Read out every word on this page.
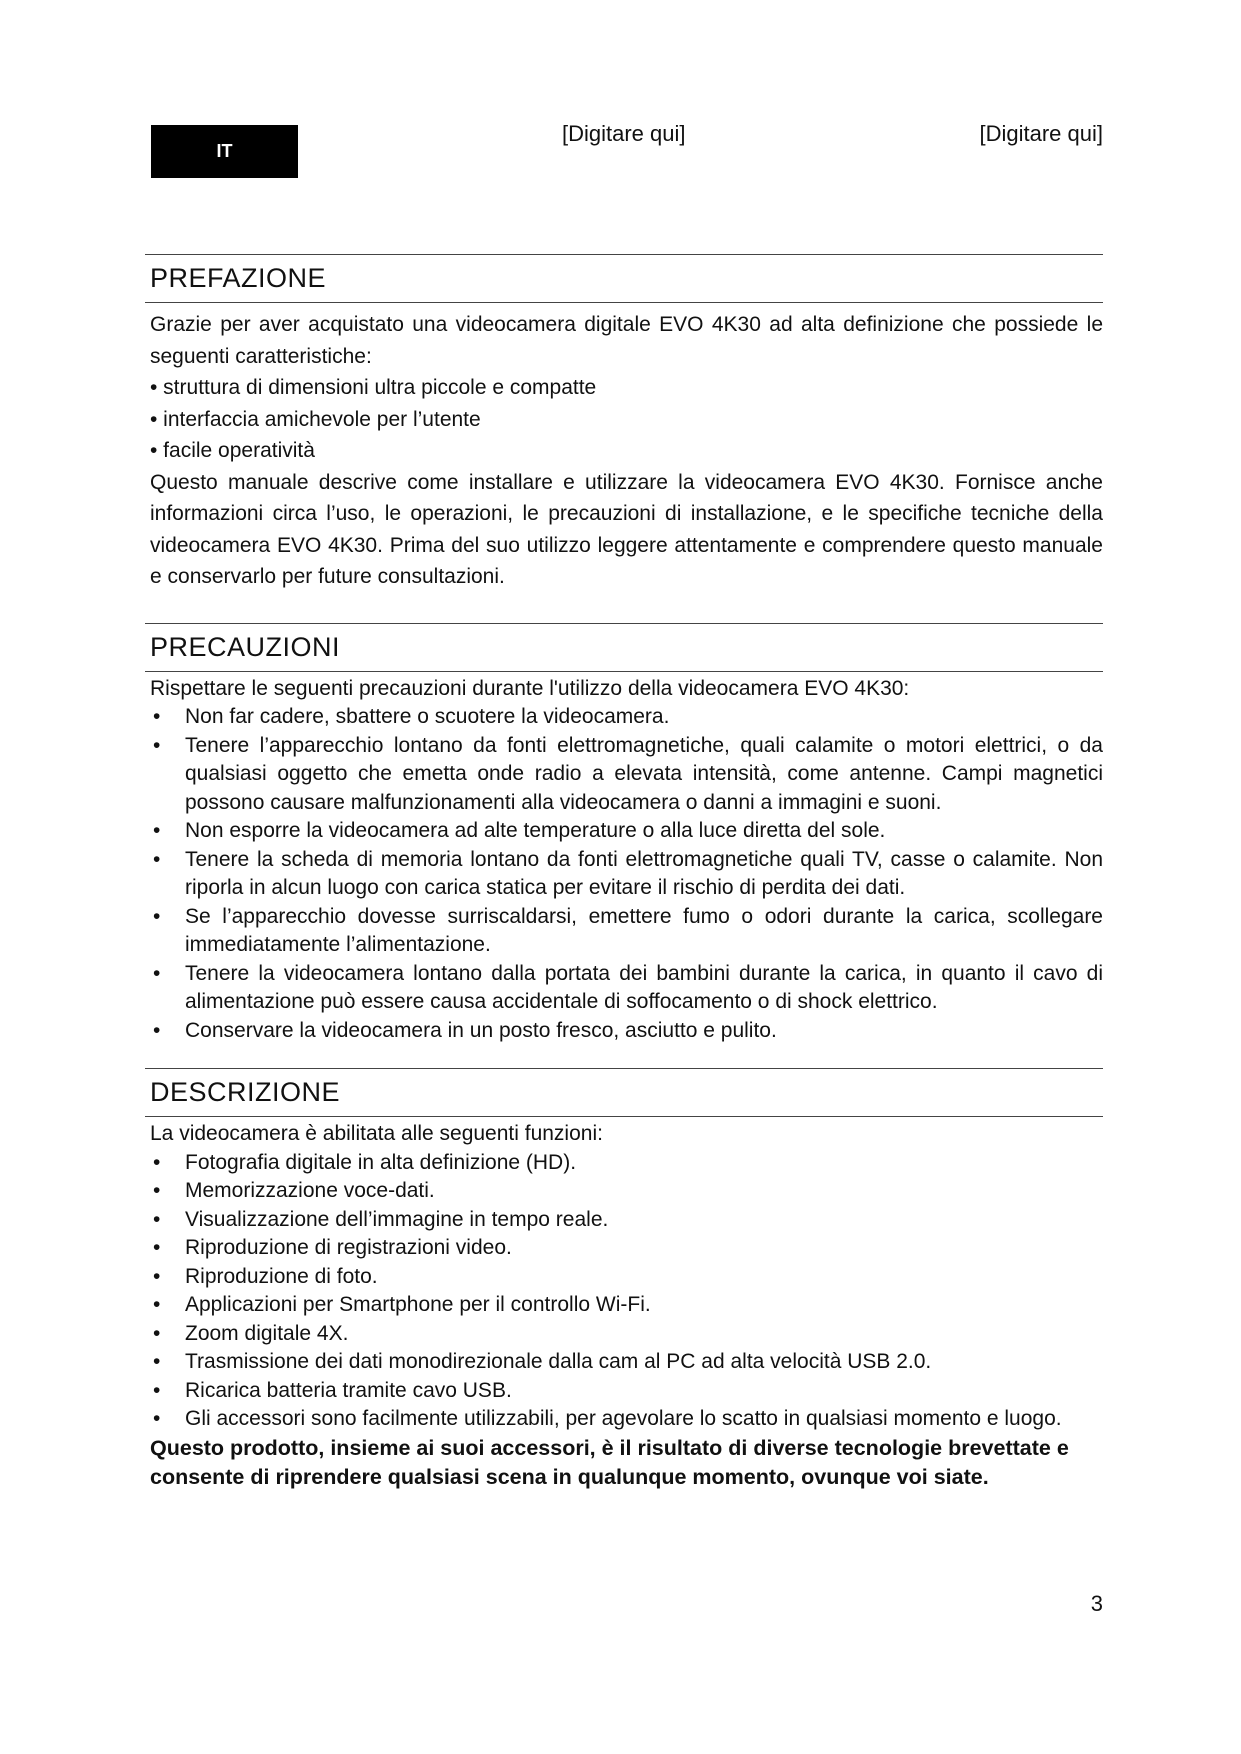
IT
[Digitare qui]	[Digitare qui]
PREFAZIONE

Grazie per aver acquistato una videocamera digitale EVO 4K30 ad alta definizione che possiede le seguenti caratteristiche:

• struttura di dimensioni ultra piccole e compatte
• interfaccia amichevole per l’utente
• facile operatività

Questo manuale descrive come installare e utilizzare la videocamera EVO 4K30. Fornisce anche informazioni circa l’uso, le operazioni, le precauzioni di installazione, e le specifiche tecniche della videocamera EVO 4K30. Prima del suo utilizzo leggere attentamente e comprendere questo manuale e conservarlo per future consultazioni.

PRECAUZIONI

Rispettare le seguenti precauzioni durante l'utilizzo della videocamera EVO 4K30:

• Non far cadere, sbattere o scuotere la videocamera.
• Tenere l’apparecchio lontano da fonti elettromagnetiche, quali calamite o motori elettrici, o da qualsiasi oggetto che emetta onde radio a elevata intensità, come antenne. Campi magnetici possono causare malfunzionamenti alla videocamera o danni a immagini e suoni.
• Non esporre la videocamera ad alte temperature o alla luce diretta del sole.
• Tenere la scheda di memoria lontano da fonti elettromagnetiche quali TV, casse o calamite. Non riporla in alcun luogo con carica statica per evitare il rischio di perdita dei dati.
• Se l’apparecchio dovesse surriscaldarsi, emettere fumo o odori durante la carica, scollegare immediatamente l’alimentazione.
• Tenere la videocamera lontano dalla portata dei bambini durante la carica, in quanto il cavo di alimentazione può essere causa accidentale di soffocamento o di shock elettrico.
• Conservare la videocamera in un posto fresco, asciutto e pulito.
DESCRIZIONE

La videocamera è abilitata alle seguenti funzioni:

• Fotografia digitale in alta definizione (HD).
• Memorizzazione voce-dati.
• Visualizzazione dell’immagine in tempo reale.
• Riproduzione di registrazioni video.
• Riproduzione di foto.
• Applicazioni per Smartphone per il controllo Wi-Fi.
• Zoom digitale 4X.
• Trasmissione dei dati monodirezionale dalla cam al PC ad alta velocità USB 2.0.
• Ricarica batteria tramite cavo USB.
• Gli accessori sono facilmente utilizzabili, per agevolare lo scatto in qualsiasi momento e luogo.

Questo prodotto, insieme ai suoi accessori, è il risultato di diverse tecnologie brevettate e consente di riprendere qualsiasi scena in qualunque momento, ovunque voi siate.

3
